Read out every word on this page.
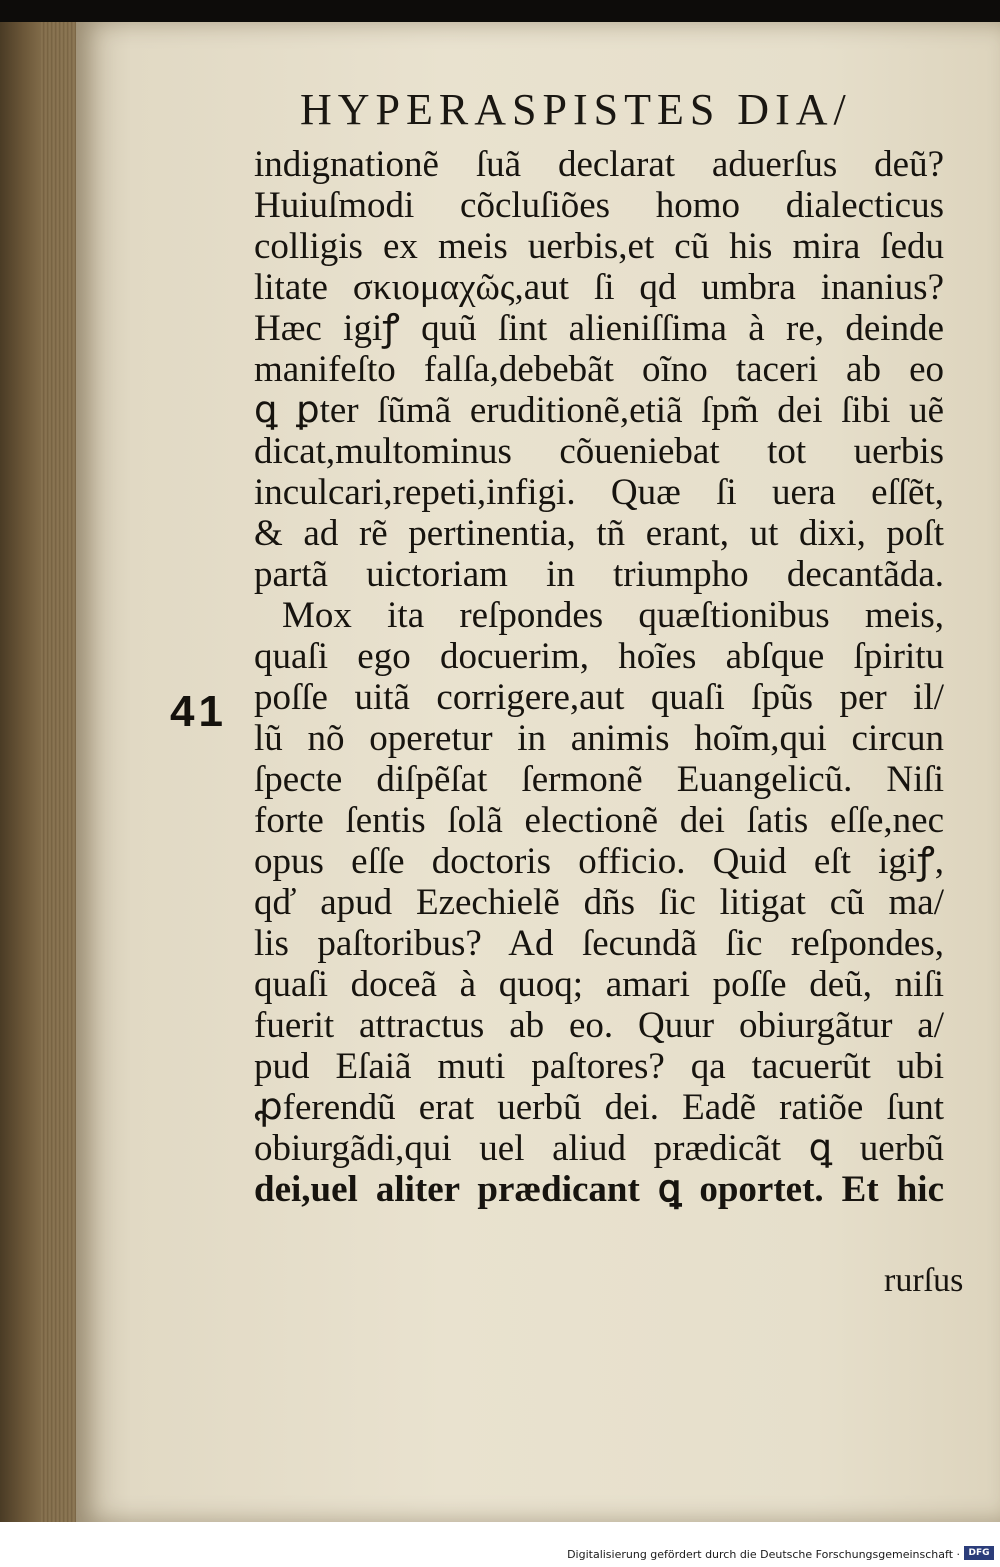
HYPERASPISTES DIA/
indignationẽ ſuã declarat aduerſus deũ?
Huiuſmodi cõcluſiões homo dialecticus
colligis ex meis uerbis,et cũ his mira ſedu
litate σκιομαχῶς,aut ſi qd umbra inanius?
Hæc igiꝭ quũ ſint alieniſſima à re, deinde
manifeſto falſa,debebãt oĩno taceri ab eo
ꝗ ꝑter ſũmã eruditionẽ,etiã ſpm̃ dei ſibi uẽ
dicat,multominus cõueniebat tot uerbis
inculcari,repeti,infigi. Quæ ſi uera eſſẽt,
& ad rẽ pertinentia, tñ erant, ut dixi, poſt
partã uictoriam in triumpho decantãda.
Mox ita reſpondes quæſtionibus meis,
quaſi ego docuerim, hoĩes abſque ſpiritu
poſſe uitã corrigere,aut quaſi ſpũs per il/
lũ nõ operetur in animis hoĩm,qui circun
ſpecte diſpẽſat ſermonẽ Euangelicũ. Niſi
forte ſentis ſolã electionẽ dei ſatis eſſe,nec
opus eſſe doctoris officio. Quid eſt igiꝭ,
qď apud Ezechielẽ dñs ſic litigat cũ ma/
lis paſtoribus? Ad ſecundã ſic reſpondes,
quaſi doceã à quoq; amari poſſe deũ, niſi
fuerit attractus ab eo. Quur obiurgãtur a/
pud Eſaiã muti paſtores? qa tacuerũt ubi
ꝓferendũ erat uerbũ dei. Eadẽ ratiõe ſunt
obiurgãdi,qui uel aliud prædicãt ꝗ uerbũ
dei,uel aliter prædicant ꝗ oportet. Et hic
41
rurſus
Digitalisierung gefördert durch die Deutsche Forschungsgemeinschaft · DFG
